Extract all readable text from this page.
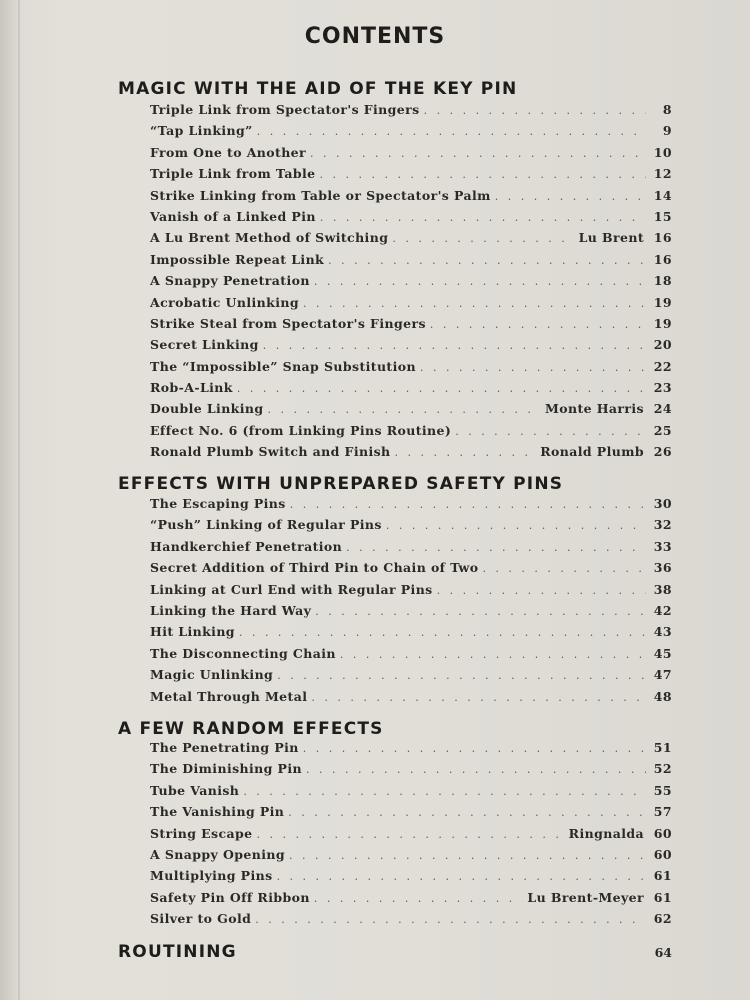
CONTENTS
MAGIC WITH THE AID OF THE KEY PIN
Triple Link from Spectator's Fingers . . .	8
“Tap Linking” . . .	9
From One to Another . . .	10
Triple Link from Table . . .	12
Strike Linking from Table or Spectator's Palm . . .	14
Vanish of a Linked Pin . . .	15
A Lu Brent Method of Switching . . .	Lu Brent 16
Impossible Repeat Link . . .	16
A Snappy Penetration . . .	18
Acrobatic Unlinking . . .	19
Strike Steal from Spectator's Fingers . . .	19
Secret Linking . . .	20
The “Impossible” Snap Substitution . . .	22
Rob-A-Link . . .	23
Double Linking . . .	Monte Harris 24
Effect No. 6 (from Linking Pins Routine) . . .	25
Ronald Plumb Switch and Finish . . .	Ronald Plumb 26
EFFECTS WITH UNPREPARED SAFETY PINS
The Escaping Pins . . .	30
“Push” Linking of Regular Pins . . .	32
Handkerchief Penetration . . .	33
Secret Addition of Third Pin to Chain of Two . . .	36
Linking at Curl End with Regular Pins . . .	38
Linking the Hard Way . . .	42
Hit Linking . . .	43
The Disconnecting Chain . . .	45
Magic Unlinking . . .	47
Metal Through Metal . . .	48
A FEW RANDOM EFFECTS
The Penetrating Pin . . .	51
The Diminishing Pin . . .	52
Tube Vanish . . .	55
The Vanishing Pin . . .	57
String Escape . . .	Ringnalda 60
A Snappy Opening . . .	60
Multiplying Pins . . .	61
Safety Pin Off Ribbon . . .	Lu Brent-Meyer 61
Silver to Gold . . .	62
ROUTINING	64
